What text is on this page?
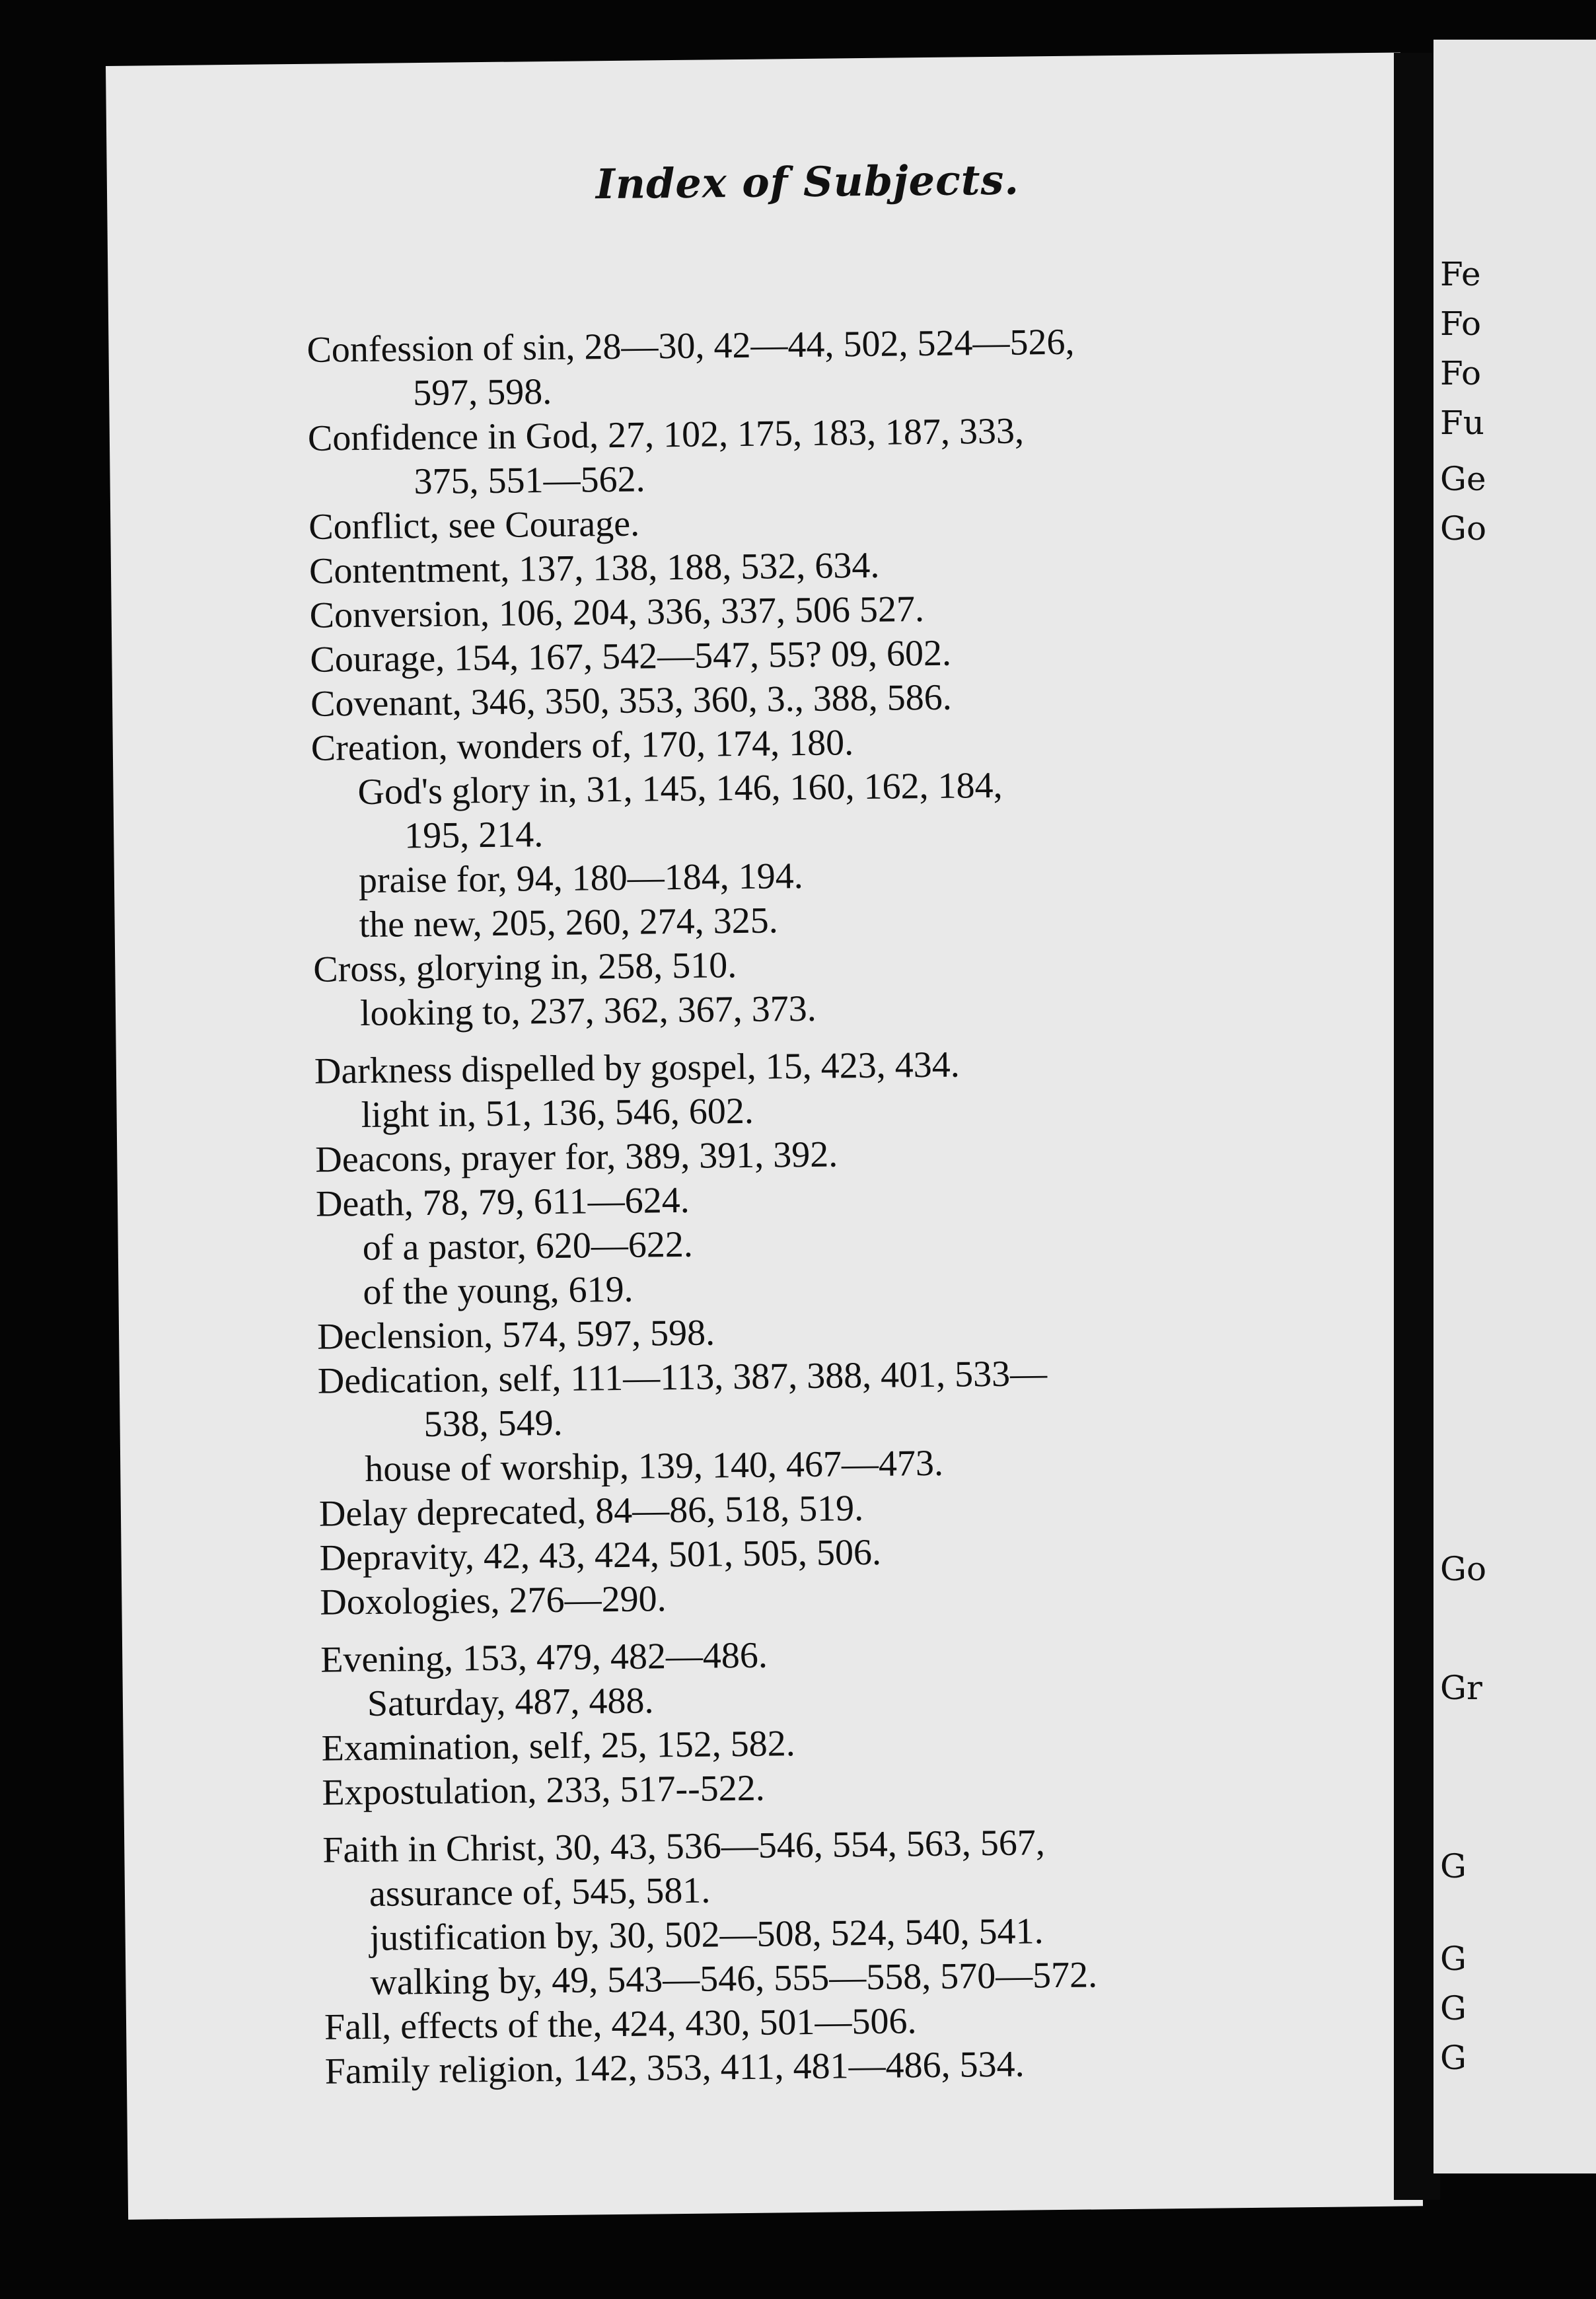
Index of Subjects.
Confession of sin, 28—30, 42—44, 502, 524—526,
597, 598.
Confidence in God, 27, 102, 175, 183, 187, 333,
375, 551—562.
Conflict, see Courage.
Contentment, 137, 138, 188, 532, 634.
Conversion, 106, 204, 336, 337, 506 527.
Courage, 154, 167, 542—547, 55? 09, 602.
Covenant, 346, 350, 353, 360, 3., 388, 586.
Creation, wonders of, 170, 174, 180.
God's glory in, 31, 145, 146, 160, 162, 184,
195, 214.
praise for, 94, 180—184, 194.
the new, 205, 260, 274, 325.
Cross, glorying in, 258, 510.
looking to, 237, 362, 367, 373.
Darkness dispelled by gospel, 15, 423, 434.
light in, 51, 136, 546, 602.
Deacons, prayer for, 389, 391, 392.
Death, 78, 79, 611—624.
of a pastor, 620—622.
of the young, 619.
Declension, 574, 597, 598.
Dedication, self, 111—113, 387, 388, 401, 533—
538, 549.
house of worship, 139, 140, 467—473.
Delay deprecated, 84—86, 518, 519.
Depravity, 42, 43, 424, 501, 505, 506.
Doxologies, 276—290.
Evening, 153, 479, 482—486.
Saturday, 487, 488.
Examination, self, 25, 152, 582.
Expostulation, 233, 517--522.
Faith in Christ, 30, 43, 536—546, 554, 563, 567,
assurance of, 545, 581.
justification by, 30, 502—508, 524, 540, 541.
walking by, 49, 543—546, 555—558, 570—572.
Fall, effects of the, 424, 430, 501—506.
Family religion, 142, 353, 411, 481—486, 534.
Fe
Fo
Fo
Fu
Ge
Go
Go
Gr
G
G
G
G
